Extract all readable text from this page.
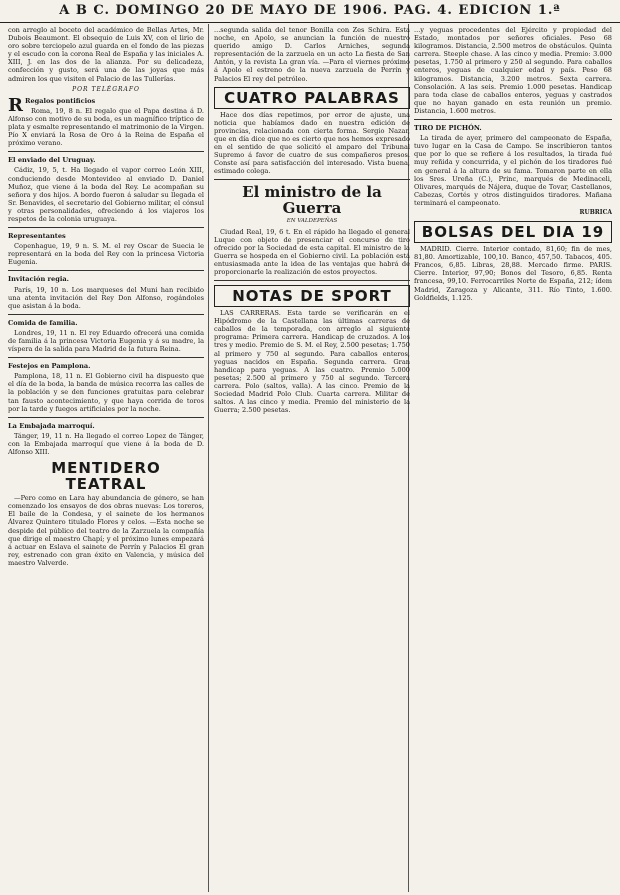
A B C. DOMINGO 20 DE MAYO DE 1906. PAG. 4. EDICION 1.ª

con arreglo al boceto del académico de Bellas Artes, Mr. Dubois Beaumont. El obsequio de Luis XV, con el lirio de oro sobre terciopelo azul guarda en el fondo de las piezas y el escudo con la corona Real de España y las iniciales A. XIII, J. en las dos de la alianza. Por su delicadeza, confección y gusto, será una de las joyas que más admiren los que visiten el Palacio de las Tullerías.

POR TELÉGRAFO

R Regalos pontificios

Roma, 19, 8 n. El regalo que el Papa destina á D. Alfonso con motivo de su boda, es un magnífico tríptico de plata y esmalte representando el matrimonio de la Virgen. Pío X enviará la Rosa de Oro á la Reina de España el próximo verano.

El enviado del Uruguay.

Cádiz, 19, 5, t. Ha llegado el vapor correo León XIII, conduciendo desde Montevideo al enviado D. Daniel Muñoz, que viene á la boda del Rey. Le acompañan su señora y dos hijos. A bordo fueron á saludar su llegada el Sr. Benavides, el secretario del Gobierno militar, el cónsul y otras personalidades, ofreciendo á los viajeros los respetos de la colonia uruguaya.

Representantes

Copenhague, 19, 9 n. S. M. el rey Oscar de Suecia le representará en la boda del Rey con la princesa Victoria Eugenia.

Invitación regia.

París, 19, 10 n. Los marqueses del Muni han recibido una atenta invitación del Rey Don Alfonso, rogándoles que asistan á la boda.

Comida de familia.

Londres, 19, 11 n. El rey Eduardo ofrecerá una comida de familia á la princesa Victoria Eugenia y á su madre, la víspera de la salida para Madrid de la futura Reina.

Festejos en Pamplona.

Pamplona, 18, 11 n. El Gobierno civil ha dispuesto que el día de la boda, la banda de música recorra las calles de la población y se den funciones gratuitas para celebrar tan fausto acontecimiento, y que haya corrida de toros por la tarde y fuegos artificiales por la noche.

La Embajada marroquí.

Tánger, 19, 11 n. Ha llegado el correo Lopez de Tánger, con la Embajada marroquí que viene á la boda de D. Alfonso XIII.

MENTIDERO TEATRAL

—Pero como en Lara hay abundancia de género, se han comenzado los ensayos de dos obras nuevas: Los toreros, El baile de la Condesa, y el sainete de los hermanos Álvarez Quintero titulado Flores y celos. —Esta noche se despide del público del teatro de la Zarzuela la compañía que dirige el maestro Chapí; y el próximo lunes empezará á actuar en Eslava el sainete de Perrín y Palacios El gran rey, estrenado con gran éxito en Valencia, y música del maestro Valverde.

...segunda salida del tenor Bonilla con Zes Schira. Esta noche, en Apolo, se anuncian la función de nuestro querido amigo D. Carlos Arniches, segunda representación de la zarzuela en un acto La fiesta de San Antón, y la revista La gran vía. —Para el viernes próximo á Apolo el estreno de la nueva zarzuela de Perrín y Palacios El rey del petróleo.

CUATRO PALABRAS

Hace dos días repetimos, por error de ajuste, una noticia que habíamos dado en nuestra edición de provincias, relacionada con cierta forma. Sergio Nazar, que en día dice que no es cierto que nos hemos expresado en el sentido de que solicitó el amparo del Tribunal Supremo á favor de cuatro de sus compañeros presos. Conste así para satisfacción del interesado. Vista buena, estimado colega.

El ministro de la Guerra
EN VALDEPEÑAS

Ciudad Real, 19, 6 t. En el rápido ha llegado el general Luque con objeto de presenciar el concurso de tiro ofrecido por la Sociedad de esta capital. El ministro de la Guerra se hospeda en el Gobierno civil. La población está entusiasmada ante la idea de las ventajas que habrá de proporcionarle la realización de estos proyectos.

NOTAS DE SPORT

LAS CARRERAS. Esta tarde se verificarán en el Hipódromo de la Castellana las últimas carreras de caballos de la temporada, con arreglo al siguiente programa: Primera carrera. Handicap de cruzados. A los tres y medio. Premio de S. M. el Rey, 2.500 pesetas; 1.750 al primero y 750 al segundo. Para caballos enteros, yeguas nacidos en España. Segunda carrera. Gran handicap para yeguas. A las cuatro. Premio 5.000 pesetas; 2.500 al primero y 750 al segundo. Tercera carrera. Polo (saltos, valla). A las cinco. Premio de la Sociedad Madrid Polo Club. Cuarta carrera. Militar de saltos. A las cinco y media. Premio del ministerio de la Guerra; 2.500 pesetas.

...y yeguas procedentes del Ejército y propiedad del Estado, montados por señores oficiales. Peso 68 kilogramos. Distancia, 2.500 metros de obstáculos. Quinta carrera. Steeple chase. A las cinco y media. Premio: 3.000 pesetas, 1.750 al primero y 250 al segundo. Para caballos enteros, yeguas de cualquier edad y país. Peso 68 kilogramos. Distancia, 3.200 metros. Sexta carrera. Consolación. A las seis. Premio 1.000 pesetas. Handicap para toda clase de caballos enteros, yeguas y castrados que no hayan ganado en esta reunión un premio. Distancia, 1.600 metros.

TIRO DE PICHÓN.

La tirada de ayer, primero del campeonato de España, tuvo lugar en la Casa de Campo. Se inscribieron tantos que por lo que se refiere á los resultados, la tirada fué muy reñida y concurrida, y el pichón de los tiradores fué en general á la altura de su fama. Tomaron parte en ella los Sres. Ureña (C.), Princ, marqués de Medinaceli, Olivares, marqués de Nájera, duque de Tovar, Castellanos, Cabezas, Cortés y otros distinguidos tiradores. Mañana terminará el campeonato.

RUBRICA
BOLSAS DEL DIA 19

MADRID. Cierre. Interior contado, 81,60; fin de mes, 81,80. Amortizable, 100,10. Banco, 457,50. Tabacos, 405. Francos, 6,85. Libras, 28,88. Mercado firme. PARIS. Cierre. Interior, 97,90; Bonos del Tesoro, 6,85. Renta francesa, 99,10. Ferrocarriles Norte de España, 212; ídem Madrid, Zaragoza y Alicante, 311. Río Tinto, 1.600. Goldfields, 1.125.
